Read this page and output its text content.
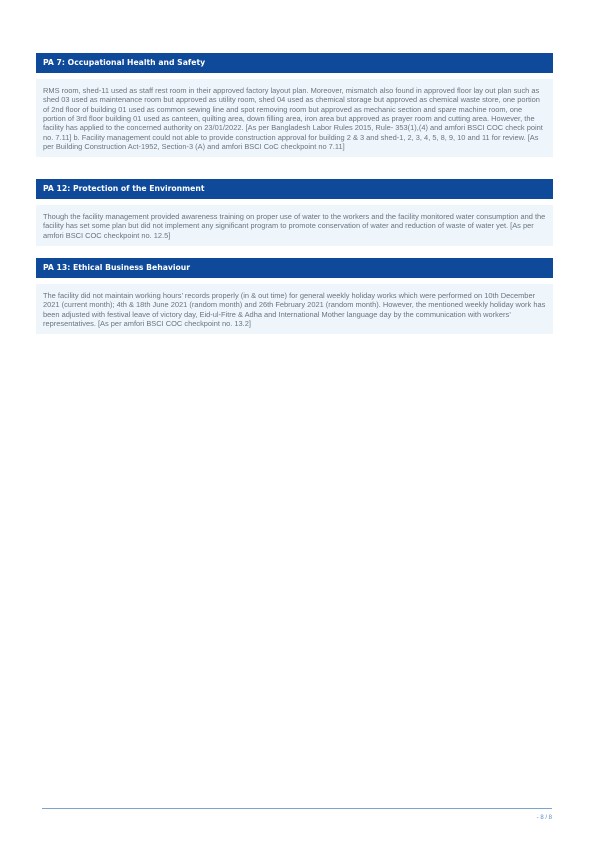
PA 7: Occupational Health and Safety
RMS room, shed-11 used as staff rest room in their approved factory layout plan. Moreover, mismatch also found in approved floor lay out plan such as shed 03 used as maintenance room but approved as utility room, shed 04 used as chemical storage but approved as chemical waste store, one portion of 2nd floor of building 01 used as common sewing line and spot removing room but approved as mechanic section and spare machine room, one portion of 3rd floor building 01 used as canteen, quilting area, down filling area, iron area but approved as prayer room and cutting area. However, the facility has applied to the concerned authority on 23/01/2022. [As per Bangladesh Labor Rules 2015, Rule- 353(1),(4) and amfori BSCI COC check point no. 7.11] b. Facility management could not able to provide construction approval for building 2 & 3 and shed-1, 2, 3, 4, 5, 8, 9, 10 and 11 for review. [As per Building Construction Act-1952, Section-3 (A) and amfori BSCI CoC checkpoint no 7.11]
PA 12: Protection of the Environment
Though the facility management provided awareness training on proper use of water to the workers and the facility monitored water consumption and the facility has set some plan but did not implement any significant program to promote conservation of water and reduction of waste of water yet. [As per amfori BSCI COC checkpoint no. 12.5]
PA 13: Ethical Business Behaviour
The facility did not maintain working hours’ records properly (in & out time) for general weekly holiday works which were performed on 10th December 2021 (current month); 4th & 18th June 2021 (random month) and 26th February 2021 (random month). However, the mentioned weekly holiday work has been adjusted with festival leave of victory day, Eid-ul-Fitre & Adha and International Mother language day by the communication with workers’ representatives. [As per amfori BSCI COC checkpoint no. 13.2]
- 8 / 8
